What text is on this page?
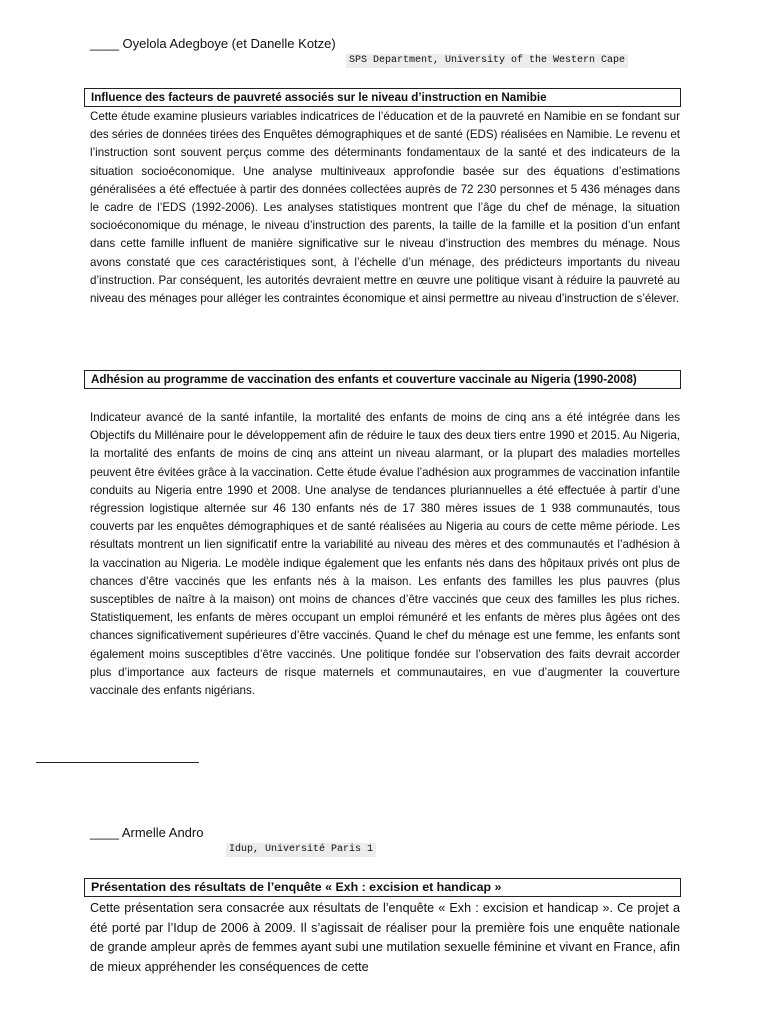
____ Oyelola Adegboye (et Danelle Kotze)
SPS Department, University of the Western Cape
Influence des facteurs de pauvreté associés sur le niveau d’instruction en Namibie

Cette étude examine plusieurs variables indicatrices de l’éducation et de la pauvreté en Namibie en se fondant sur des séries de données tirées des Enquêtes démographiques et de santé (EDS) réalisées en Namibie. Le revenu et l’instruction sont souvent perçus comme des déterminants fondamentaux de la santé et des indicateurs de la situation socioéconomique. Une analyse multiniveaux approfondie basée sur des équations d’estimations généralisées a été effectuée à partir des données collectées auprès de 72 230 personnes et 5 436 ménages dans le cadre de l’EDS (1992-2006). Les analyses statistiques montrent que l’âge du chef de ménage, la situation socioéconomique du ménage, le niveau d’instruction des parents, la taille de la famille et la position d’un enfant dans cette famille influent de manière significative sur le niveau d’instruction des membres du ménage. Nous avons constaté que ces caractéristiques sont, à l’échelle d’un ménage, des prédicteurs importants du niveau d’instruction. Par conséquent, les autorités devraient mettre en œuvre une politique visant à réduire la pauvreté au niveau des ménages pour alléger les contraintes économique et ainsi permettre au niveau d’instruction de s’élever.

Adhésion au programme de vaccination des enfants et couverture vaccinale au Nigeria (1990-2008)

Indicateur avancé de la santé infantile, la mortalité des enfants de moins de cinq ans a été intégrée dans les Objectifs du Millénaire pour le développement afin de réduire le taux des deux tiers entre 1990 et 2015. Au Nigeria, la mortalité des enfants de moins de cinq ans atteint un niveau alarmant, or la plupart des maladies mortelles peuvent être évitées grâce à la vaccination. Cette étude évalue l’adhésion aux programmes de vaccination infantile conduits au Nigeria entre 1990 et 2008. Une analyse de tendances pluriannuelles a été effectuée à partir d’une régression logistique alternée sur 46 130 enfants nés de 17 380 mères issues de 1 938 communautés, tous couverts par les enquêtes démographiques et de santé réalisées au Nigeria au cours de cette même période. Les résultats montrent un lien significatif entre la variabilité au niveau des mères et des communautés et l’adhésion à la vaccination au Nigeria. Le modèle indique également que les enfants nés dans des hôpitaux privés ont plus de chances d’être vaccinés que les enfants nés à la maison. Les enfants des familles les plus pauvres (plus susceptibles de naître à la maison) ont moins de chances d’être vaccinés que ceux des familles les plus riches. Statistiquement, les enfants de mères occupant un emploi rémunéré et les enfants de mères plus âgées ont des chances significativement supérieures d’être vaccinés. Quand le chef du ménage est une femme, les enfants sont également moins susceptibles d’être vaccinés. Une politique fondée sur l’observation des faits devrait accorder plus d’importance aux facteurs de risque maternels et communautaires, en vue d’augmenter la couverture vaccinale des enfants nigérians.

____ Armelle Andro
Idup, Université Paris 1
Présentation des résultats de l’enquête « Exh : excision et handicap »

Cette présentation sera consacrée aux résultats de l’enquête « Exh : excision et handicap ». Ce projet a été porté par l’Idup de 2006 à 2009. Il s’agissait de réaliser pour la première fois une enquête nationale de grande ampleur après de femmes ayant subi une mutilation sexuelle féminine et vivant en France, afin de mieux appréhender les conséquences de cette
